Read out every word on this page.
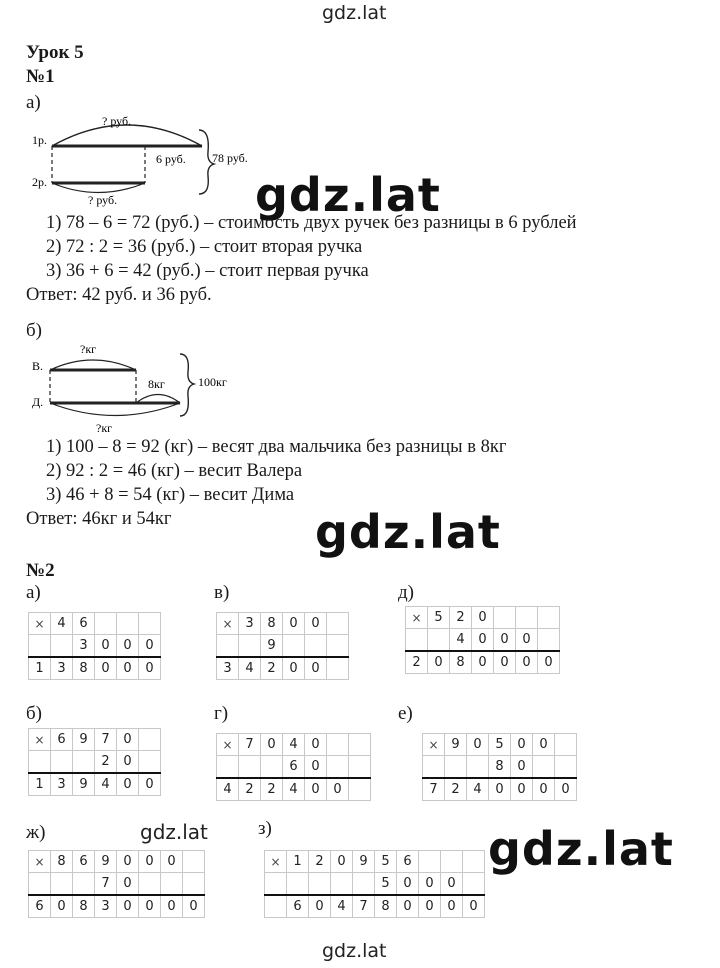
gdz.lat
gdz.lat
gdz.lat
gdz.lat	gdz.lat
gdz.lat
Урок 5
№1
а)
1р.
2р.
? руб.
6 руб. 78 руб.
? руб.
1) 78 – 6 = 72 (руб.) – стоимость двух ручек без разницы в 6 рублей
2) 72 : 2 = 36 (руб.) – стоит вторая ручка
3) 36 + 6 = 42 (руб.) – стоит первая ручка
Ответ: 42 руб. и 36 руб.
б)
В.
Д.
?кг
8кг	100кг
?кг
1) 100 – 8 = 92 (кг) – весят два мальчика без разницы в 8кг
2) 92 : 2 = 46 (кг) – весит Валера
3) 46 + 8 = 54 (кг) – весит Дима
Ответ: 46кг и 54кг
№2
а)	в)	д)
б)	г)	е)
ж)	з)
×	4	6			
		3	0	0	0
1	3	8	0	0	0
×	3	8	0	0	
		9			
3	4	2	0	0	
×	5	2	0			
		4	0	0	0	
2	0	8	0	0	0	0
×	6	9	7	0	
			2	0	
1	3	9	4	0	0
×	7	0	4	0		
			6	0		
4	2	2	4	0	0	
×	9	0	5	0	0	
			8	0		
7	2	4	0	0	0	0
×	8	6	9	0	0	0	
			7	0			
6	0	8	3	0	0	0	0
×	1	2	0	9	5	6			
					5	0	0	0	
	6	0	4	7	8	0	0	0	0
